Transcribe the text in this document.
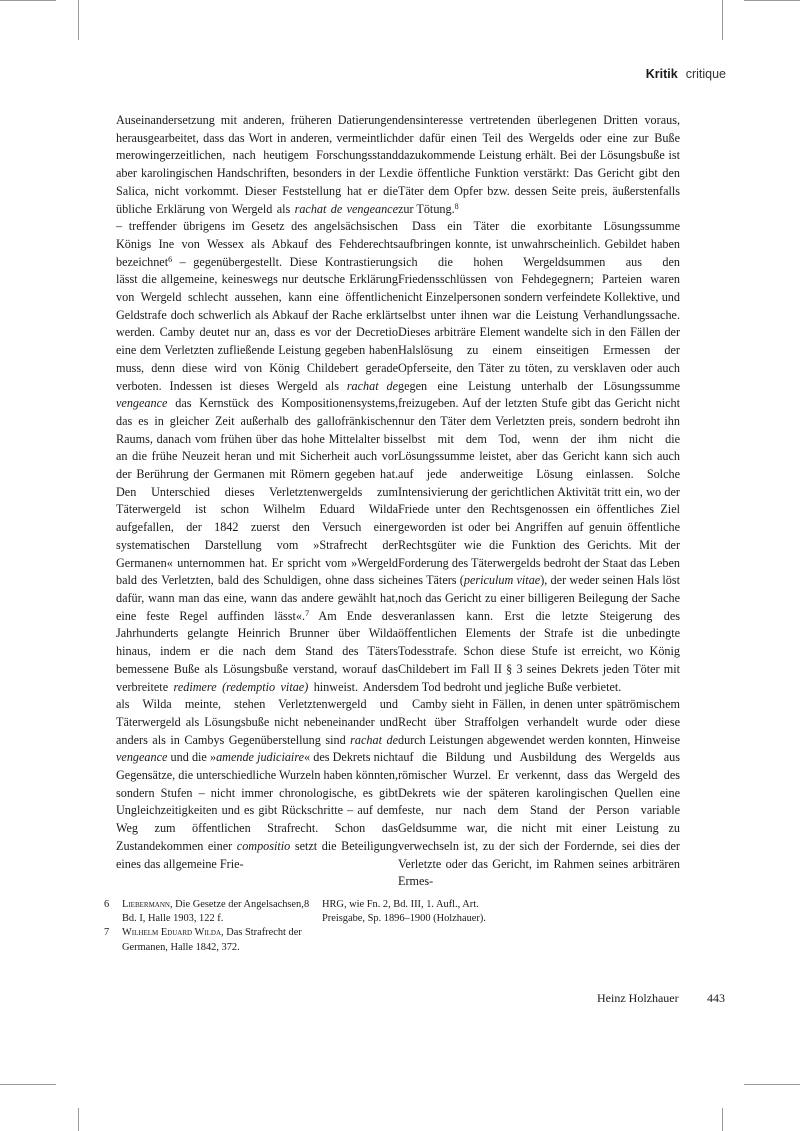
Kritik critique

Auseinandersetzung mit anderen, früheren Datierungen herausgearbeitet, dass das Wort in anderen, vermeintlich merowingerzeitlichen, nach heutigem Forschungsstand aber karolingischen Handschriften, besonders in der Lex Salica, nicht vorkommt. Dieser Feststellung hat er die übliche Erklärung von Wergeld als rachat de vengeance – treffender übrigens im Gesetz des angelsächsischen Königs Ine von Wessex als Abkauf des Fehderechts bezeichnet$^6$ – gegenübergestellt. Diese Kontrastierung lässt die allgemeine, keineswegs nur deutsche Erklärung von Wergeld schlecht aussehen, kann eine öffentliche Geldstrafe doch schwerlich als Abkauf der Rache erklärt werden. Camby deutet nur an, dass es vor der Decretio eine dem Verletzten zufließende Leistung gegeben haben muss, denn diese wird von König Childebert gerade verboten. Indessen ist dieses Wergeld als rachat de vengeance das Kernstück des Kompositionensystems, das es in gleicher Zeit außerhalb des gallofränkischen Raums, danach vom frühen über das hohe Mittelalter bis an die frühe Neuzeit heran und mit Sicherheit auch vor der Berührung der Germanen mit Römern gegeben hat. Den Unterschied dieses Verletztenwergelds zum Täterwergeld ist schon Wilhelm Eduard Wilda aufgefallen, der 1842 zuerst den Versuch einer systematischen Darstellung vom »Strafrecht der Germanen« unternommen hat. Er spricht vom »Wergeld bald des Verletzten, bald des Schuldigen, ohne dass sich dafür, wann man das eine, wann das andere gewählt hat, eine feste Regel auffinden lässt«.$^7$ Am Ende des Jahrhunderts gelangte Heinrich Brunner über Wilda hinaus, indem er die nach dem Stand des Täters bemessene Buße als Lösungsbuße verstand, worauf das verbreitete redimere (redemptio vitae) hinweist. Anders als Wilda meinte, stehen Verletztenwergeld und Täterwergeld als Lösungsbuße nicht nebeneinander und anders als in Cambys Gegenüberstellung sind rachat de vengeance und die »amende judiciaire« des Dekrets nicht Gegensätze, die unterschiedliche Wurzeln haben könnten, sondern Stufen – nicht immer chronologische, es gibt Ungleichzeitigkeiten und es gibt Rückschritte – auf dem Weg zum öffentlichen Strafrecht. Schon das Zustandekommen einer compositio setzt die Beteiligung eines das allgemeine Frie-

densinteresse vertretenden überlegenen Dritten voraus, der dafür einen Teil des Wergelds oder eine zur Buße dazukommende Leistung erhält. Bei der Lösungsbuße ist die öffentliche Funktion verstärkt: Das Gericht gibt den Täter dem Opfer bzw. dessen Seite preis, äußerstenfalls zur Tötung.$^8$

Dass ein Täter die exorbitante Lösungssumme aufbringen konnte, ist unwahrscheinlich. Gebildet haben sich die hohen Wergeldsummen aus den Friedensschlüssen von Fehdegegnern; Parteien waren nicht Einzelpersonen sondern verfeindete Kollektive, und selbst unter ihnen war die Leistung Verhandlungssache. Dieses arbiträre Element wandelte sich in den Fällen der Halslösung zu einem einseitigen Ermessen der Opferseite, den Täter zu töten, zu versklaven oder auch gegen eine Leistung unterhalb der Lösungssumme freizugeben. Auf der letzten Stufe gibt das Gericht nicht nur den Täter dem Verletzten preis, sondern bedroht ihn selbst mit dem Tod, wenn der ihm nicht die Lösungssumme leistet, aber das Gericht kann sich auch auf jede anderweitige Lösung einlassen. Solche Intensivierung der gerichtlichen Aktivität tritt ein, wo der Friede unter den Rechtsgenossen ein öffentliches Ziel geworden ist oder bei Angriffen auf genuin öffentliche Rechtsgüter wie die Funktion des Gerichts. Mit der Forderung des Täterwergelds bedroht der Staat das Leben eines Täters (periculum vitae), der weder seinen Hals löst noch das Gericht zu einer billigeren Beilegung der Sache veranlassen kann. Erst die letzte Steigerung des öffentlichen Elements der Strafe ist die unbedingte Todesstrafe. Schon diese Stufe ist erreicht, wo König Childebert im Fall II § 3 seines Dekrets jeden Töter mit dem Tod bedroht und jegliche Buße verbietet.

Camby sieht in Fällen, in denen unter spätrömischem Recht über Straffolgen verhandelt wurde oder diese durch Leistungen abgewendet werden konnten, Hinweise auf die Bildung und Ausbildung des Wergelds aus römischer Wurzel. Er verkennt, dass das Wergeld des Dekrets wie der späteren karolingischen Quellen eine feste, nur nach dem Stand der Person variable Geldsumme war, die nicht mit einer Leistung zu verwechseln ist, zu der sich der Fordernde, sei dies der Verletzte oder das Gericht, im Rahmen seines arbiträren Ermes-

6 Liebermann, Die Gesetze der Angelsachsen, Bd. I, Halle 1903, 122 f.
7 Wilhelm Eduard Wilda, Das Strafrecht der Germanen, Halle 1842, 372.
8 HRG, wie Fn. 2, Bd. III, 1. Aufl., Art. Preisgabe, Sp. 1896–1900 (Holzhauer).
Heinz Holzhauer 443
